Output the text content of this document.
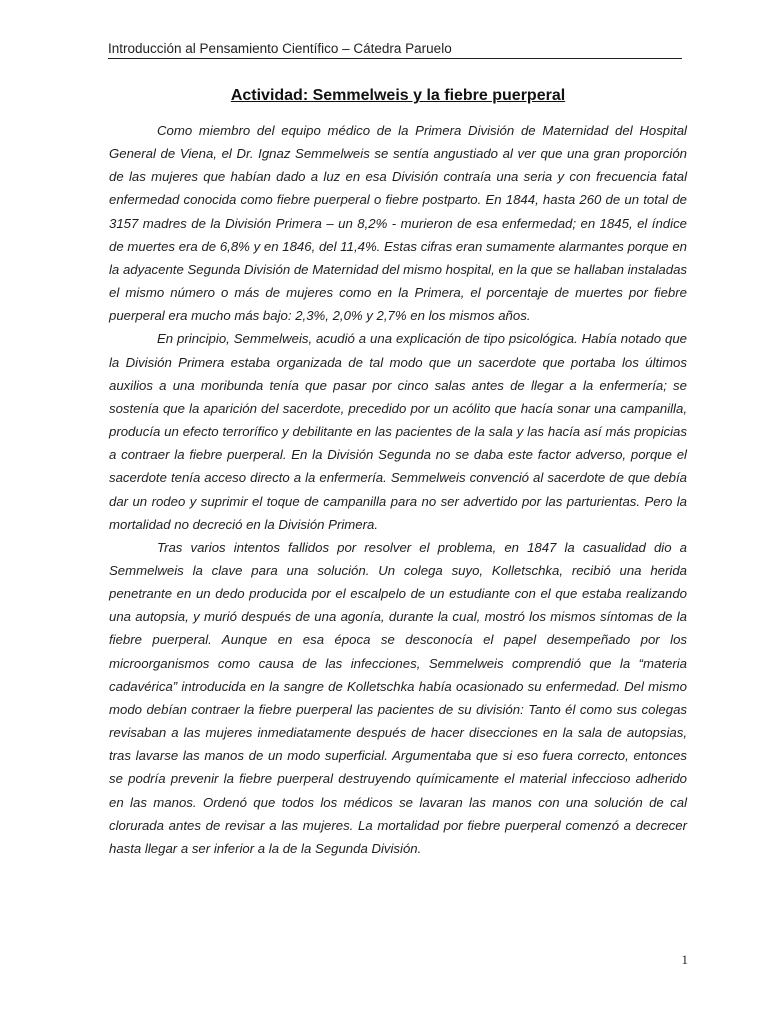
Introducción al Pensamiento Científico – Cátedra Paruelo
Actividad: Semmelweis y la fiebre puerperal

Como miembro del equipo médico de la Primera División de Maternidad del Hospital General de Viena, el Dr. Ignaz Semmelweis se sentía angustiado al ver que una gran proporción de las mujeres que habían dado a luz en esa División contraía una seria y con frecuencia fatal enfermedad conocida como fiebre puerperal o fiebre postparto. En 1844, hasta 260 de un total de 3157 madres de la División Primera – un 8,2% - murieron de esa enfermedad; en 1845, el índice de muertes era de 6,8% y en 1846, del 11,4%. Estas cifras eran sumamente alarmantes porque en la adyacente Segunda División de Maternidad del mismo hospital, en la que se hallaban instaladas el mismo número o más de mujeres como en la Primera, el porcentaje de muertes por fiebre puerperal era mucho más bajo: 2,3%, 2,0% y 2,7% en los mismos años.

En principio, Semmelweis, acudió a una explicación de tipo psicológica. Había notado que la División Primera estaba organizada de tal modo que un sacerdote que portaba los últimos auxilios a una moribunda tenía que pasar por cinco salas antes de llegar a la enfermería; se sostenía que la aparición del sacerdote, precedido por un acólito que hacía sonar una campanilla, producía un efecto terrorífico y debilitante en las pacientes de la sala y las hacía así más propicias a contraer la fiebre puerperal. En la División Segunda no se daba este factor adverso, porque el sacerdote tenía acceso directo a la enfermería. Semmelweis convenció al sacerdote de que debía dar un rodeo y suprimir el toque de campanilla para no ser advertido por las parturientas. Pero la mortalidad no decreció en la División Primera.

Tras varios intentos fallidos por resolver el problema, en 1847 la casualidad dio a Semmelweis la clave para una solución. Un colega suyo, Kolletschka, recibió una herida penetrante en un dedo producida por el escalpelo de un estudiante con el que estaba realizando una autopsia, y murió después de una agonía, durante la cual, mostró los mismos síntomas de la fiebre puerperal. Aunque en esa época se desconocía el papel desempeñado por los microorganismos como causa de las infecciones, Semmelweis comprendió que la “materia cadavérica” introducida en la sangre de Kolletschka había ocasionado su enfermedad. Del mismo modo debían contraer la fiebre puerperal las pacientes de su división: Tanto él como sus colegas revisaban a las mujeres inmediatamente después de hacer disecciones en la sala de autopsias, tras lavarse las manos de un modo superficial. Argumentaba que si eso fuera correcto, entonces se podría prevenir la fiebre puerperal destruyendo químicamente el material infeccioso adherido en las manos. Ordenó que todos los médicos se lavaran las manos con una solución de cal clorurada antes de revisar a las mujeres. La mortalidad por fiebre puerperal comenzó a decrecer hasta llegar a ser inferior a la de la Segunda División.

1
